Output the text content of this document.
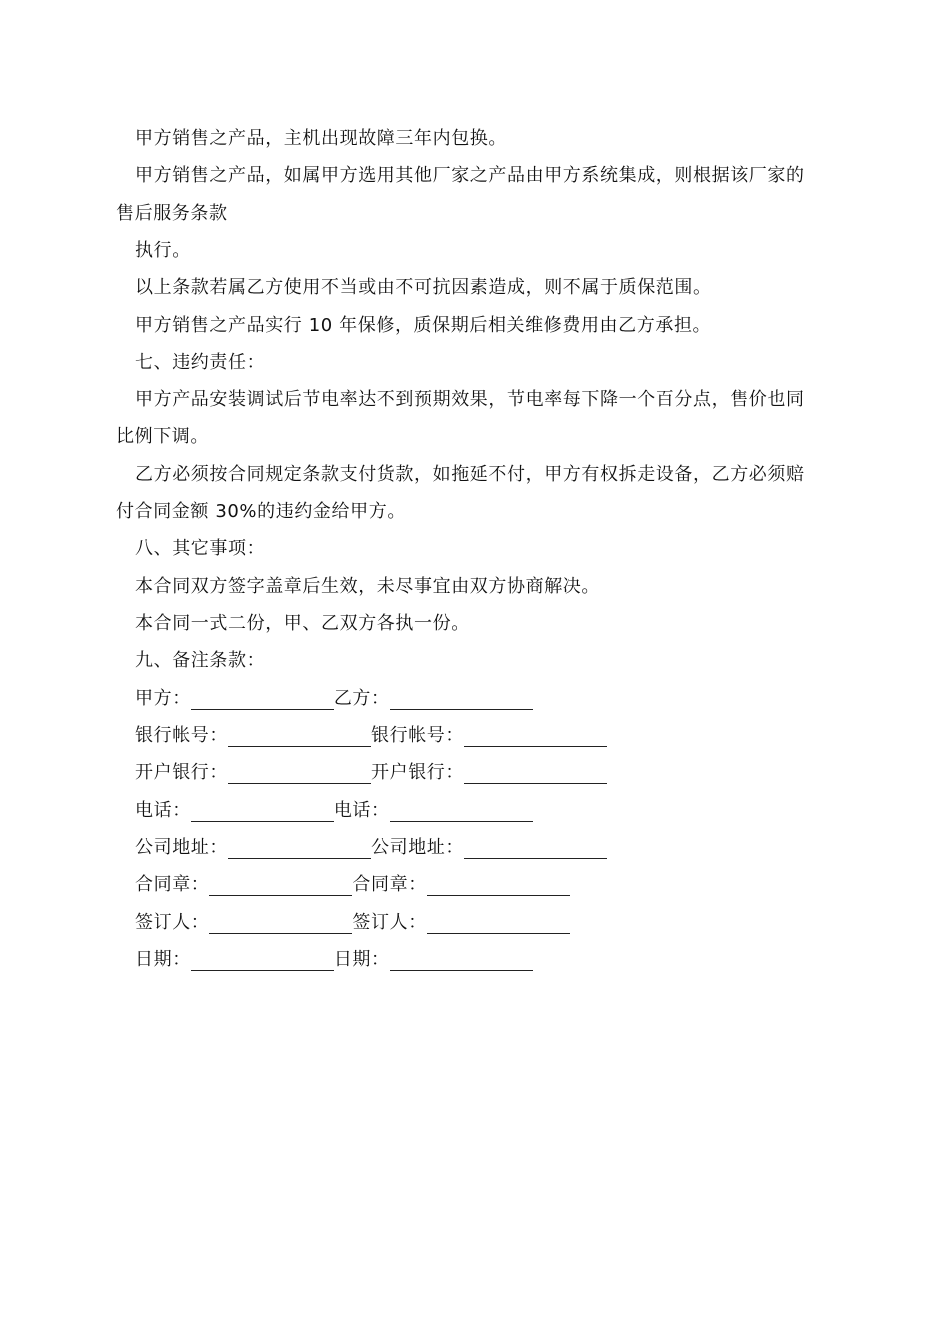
甲方销售之产品，主机出现故障三年内包换。
甲方销售之产品，如属甲方选用其他厂家之产品由甲方系统集成，则根据该厂家的
售后服务条款
执行。
以上条款若属乙方使用不当或由不可抗因素造成，则不属于质保范围。
甲方销售之产品实行 10 年保修，质保期后相关维修费用由乙方承担。
七、违约责任：
甲方产品安装调试后节电率达不到预期效果，节电率每下降一个百分点，售价也同
比例下调。
乙方必须按合同规定条款支付货款，如拖延不付，甲方有权拆走设备，乙方必须赔
付合同金额 30%的违约金给甲方。
八、其它事项：
本合同双方签字盖章后生效，未尽事宜由双方协商解决。
本合同一式二份，甲、乙双方各执一份。
九、备注条款：
甲方：	乙方：
银行帐号：	银行帐号：
开户银行：	开户银行：
电话：	电话：
公司地址：	公司地址：
合同章：	合同章：
签订人：	签订人：
日期：	日期：
